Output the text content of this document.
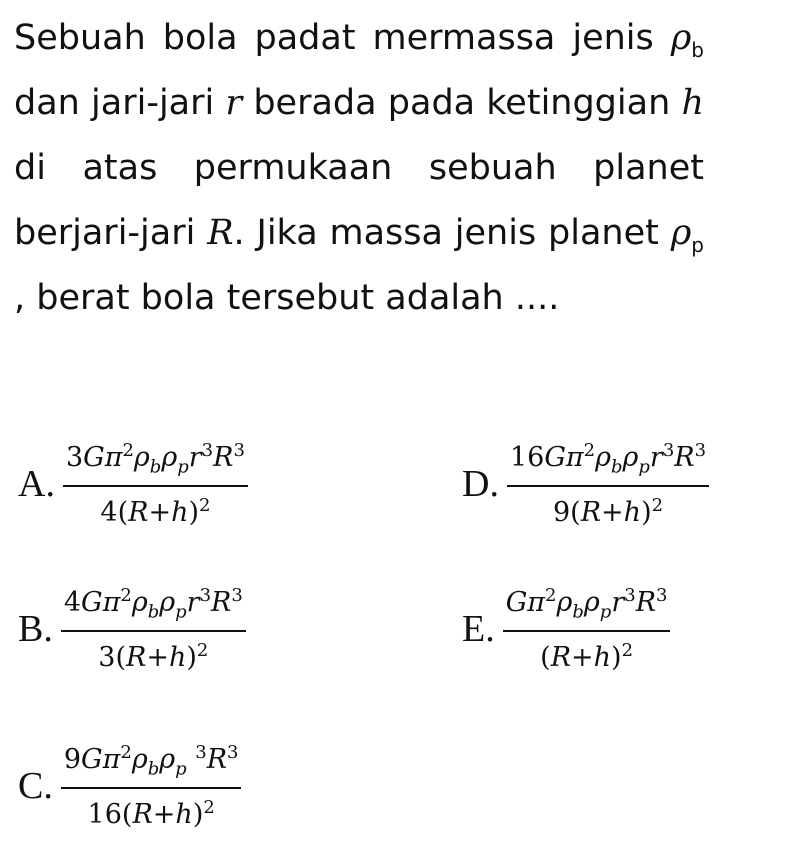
Sebuah bola padat mermassa jenis $\rho_b$ dan jari-jari r berada pada ketinggian h di atas permukaan sebuah planet berjari-jari R. Jika massa jenis planet $\rho_p$ , berat bola tersebut adalah ....
A. $\frac{3G\pi^2\rho_b\rho_pr^3R^3}{4(R+h)^2}$	D. $\frac{16G\pi^2\rho_b\rho_pr^3R^3}{9(R+h)^2}$
B. $\frac{4G\pi^2\rho_b\rho_pr^3R^3}{3(R+h)^2}$	E. $\frac{G\pi^2\rho_b\rho_pr^3R^3}{(R+h)^2}$
C. $\frac{9G\pi^2\rho_b\rho_p ^3R^3}{16(R+h)^2}$
